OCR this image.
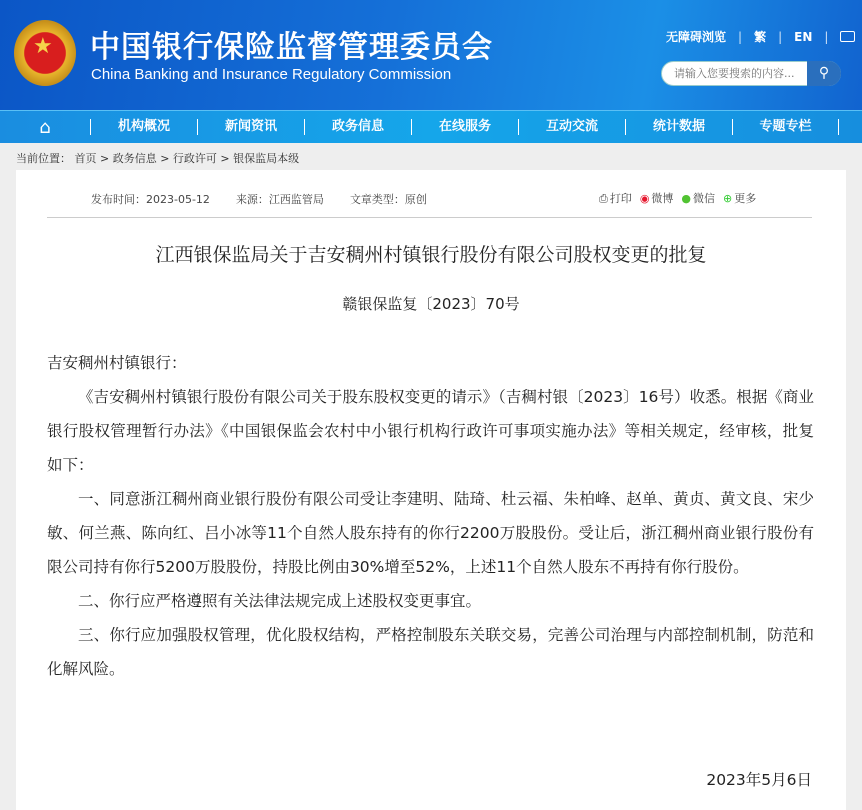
★ 中国银行保险监督管理委员会
China Banking and Insurance Regulatory Commission
无障碍浏览 | 繁 | EN |
请输入您要搜索的内容...
⚲
⌂	机构概况	新闻资讯	政务信息	在线服务	互动交流	统计数据	专题专栏
当前位置： 首页 > 政务信息 > 行政许可 > 银保监局本级
发布时间：2023-05-12 来源：江西监管局 文章类型：原创	⎙ 打印 ◉ 微博 ● 微信 ⊕ 更多
江西银保监局关于吉安稠州村镇银行股份有限公司股权变更的批复
赣银保监复〔2023〕70号

吉安稠州村镇银行：

《吉安稠州村镇银行股份有限公司关于股东股权变更的请示》（吉稠村银〔2023〕16号）收悉。根据《商业银行股权管理暂行办法》《中国银保监会农村中小银行机构行政许可事项实施办法》等相关规定，经审核，批复如下：

一、同意浙江稠州商业银行股份有限公司受让李建明、陆琦、杜云福、朱柏峰、赵单、黄贞、黄文良、宋少敏、何兰燕、陈向红、吕小冰等11个自然人股东持有的你行2200万股股份。受让后，浙江稠州商业银行股份有限公司持有你行5200万股股份，持股比例由30%增至52%，上述11个自然人股东不再持有你行股份。

二、你行应严格遵照有关法律法规完成上述股权变更事宜。

三、你行应加强股权管理，优化股权结构，严格控制股东关联交易，完善公司治理与内部控制机制，防范和化解风险。

2023年5月6日
